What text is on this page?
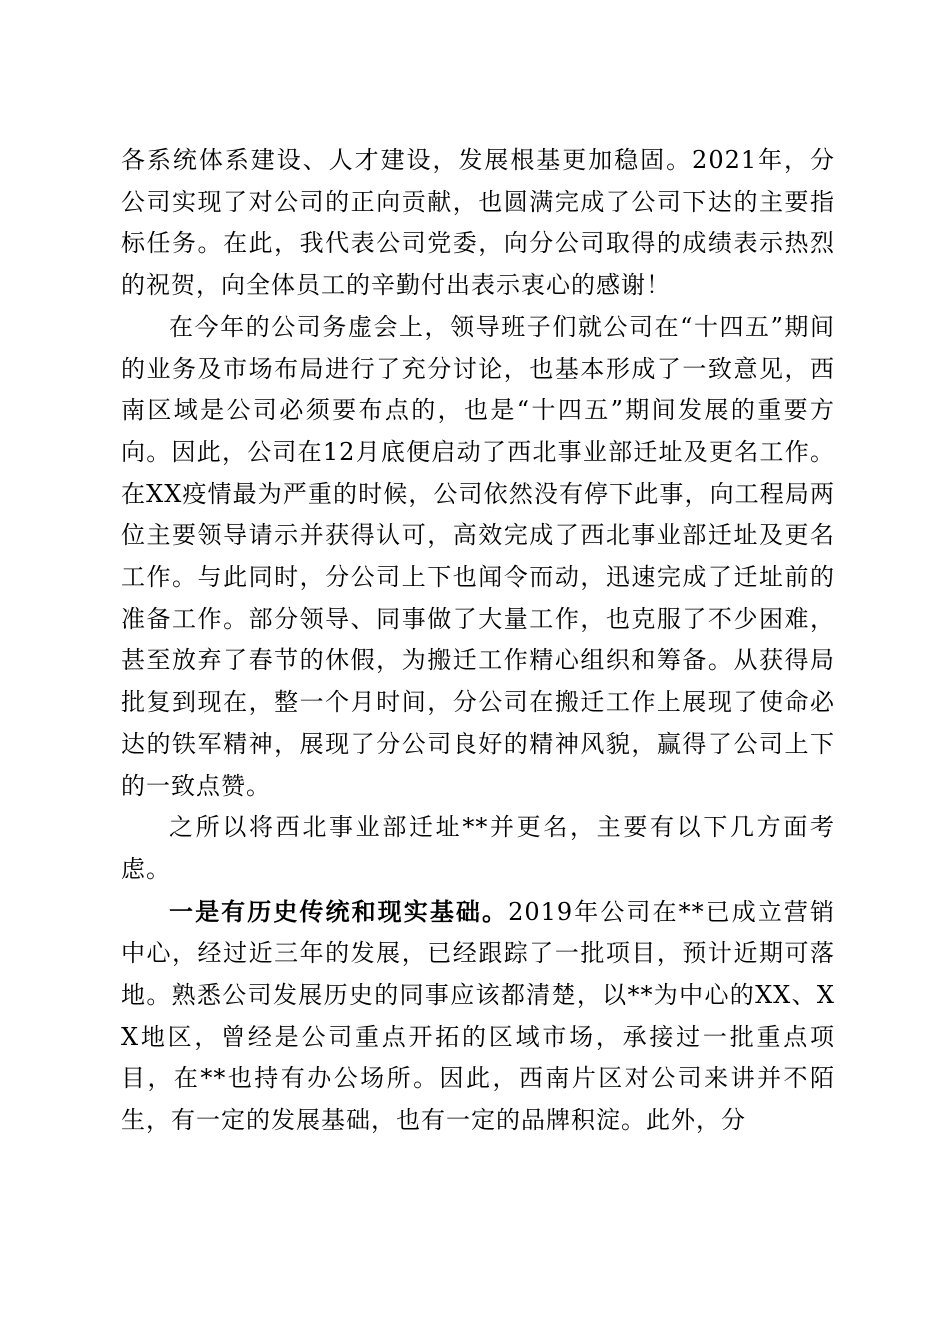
各系统体系建设、人才建设，发展根基更加稳固。2021年，分公司实现了对公司的正向贡献，也圆满完成了公司下达的主要指标任务。在此，我代表公司党委，向分公司取得的成绩表示热烈的祝贺，向全体员工的辛勤付出表示衷心的感谢！

在今年的公司务虚会上，领导班子们就公司在“十四五”期间的业务及市场布局进行了充分讨论，也基本形成了一致意见，西南区域是公司必须要布点的，也是“十四五”期间发展的重要方向。因此，公司在12月底便启动了西北事业部迁址及更名工作。在XX疫情最为严重的时候，公司依然没有停下此事，向工程局两位主要领导请示并获得认可，高效完成了西北事业部迁址及更名工作。与此同时，分公司上下也闻令而动，迅速完成了迁址前的准备工作。部分领导、同事做了大量工作，也克服了不少困难，甚至放弃了春节的休假，为搬迁工作精心组织和筹备。从获得局批复到现在，整一个月时间，分公司在搬迁工作上展现了使命必达的铁军精神，展现了分公司良好的精神风貌，赢得了公司上下的一致点赞。

之所以将西北事业部迁址**并更名，主要有以下几方面考虑。

一是有历史传统和现实基础。2019年公司在**已成立营销中心，经过近三年的发展，已经跟踪了一批项目，预计近期可落地。熟悉公司发展历史的同事应该都清楚，以**为中心的XX、XX地区，曾经是公司重点开拓的区域市场，承接过一批重点项目，在**也持有办公场所。因此，西南片区对公司来讲并不陌生，有一定的发展基础，也有一定的品牌积淀。此外，分
